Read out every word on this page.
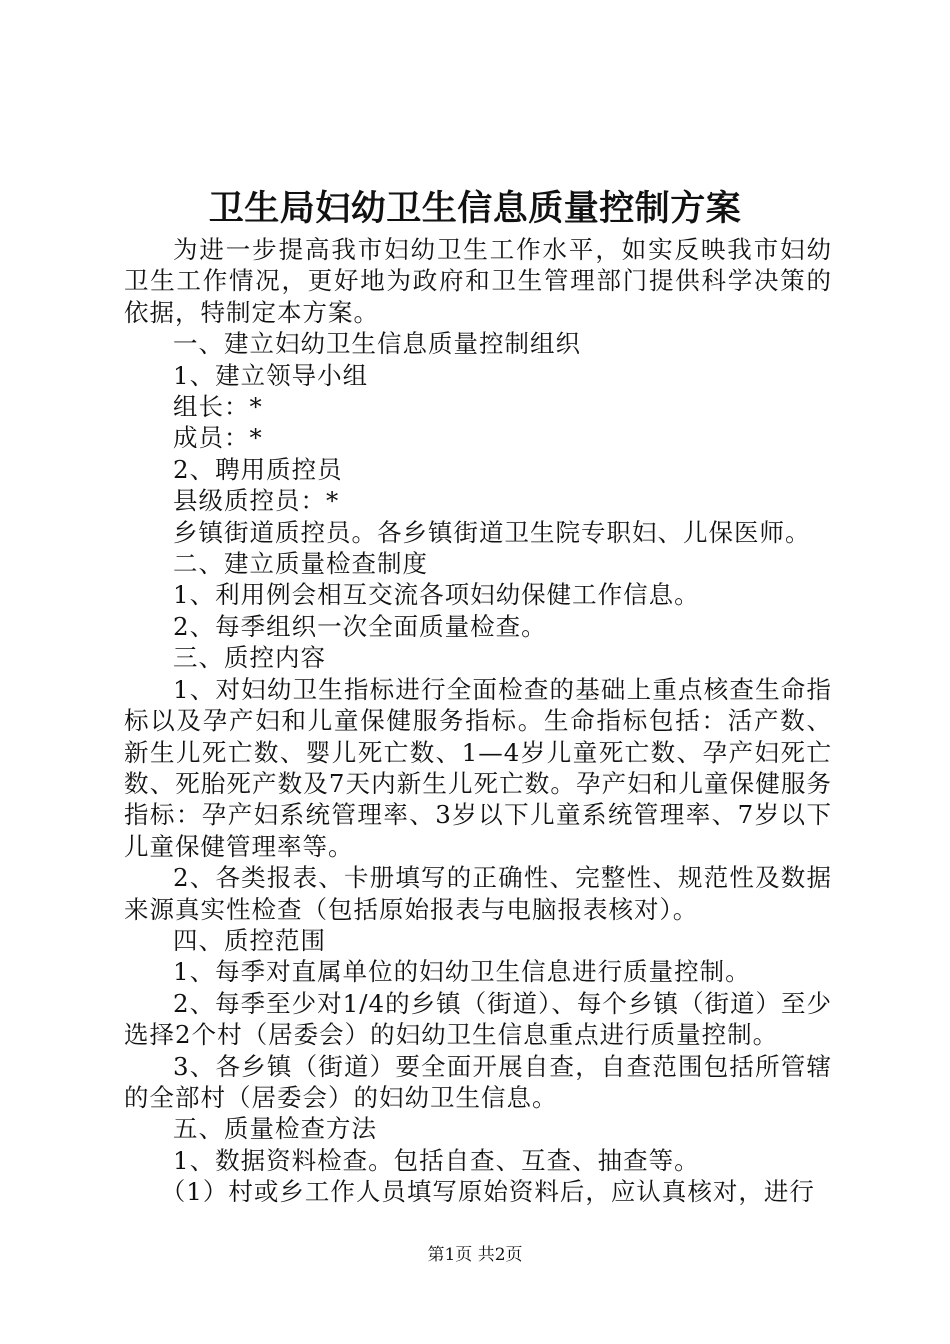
卫生局妇幼卫生信息质量控制方案

为进一步提高我市妇幼卫生工作水平，如实反映我市妇幼卫生工作情况，更好地为政府和卫生管理部门提供科学决策的依据，特制定本方案。

一、建立妇幼卫生信息质量控制组织

1、建立领导小组

组长：*

成员：*

2、聘用质控员

县级质控员：*

乡镇街道质控员。各乡镇街道卫生院专职妇、儿保医师。

二、建立质量检查制度

1、利用例会相互交流各项妇幼保健工作信息。

2、每季组织一次全面质量检查。

三、质控内容

1、对妇幼卫生指标进行全面检查的基础上重点核查生命指标以及孕产妇和儿童保健服务指标。生命指标包括：活产数、新生儿死亡数、婴儿死亡数、1—4岁儿童死亡数、孕产妇死亡数、死胎死产数及7天内新生儿死亡数。孕产妇和儿童保健服务指标：孕产妇系统管理率、3岁以下儿童系统管理率、7岁以下儿童保健管理率等。

2、各类报表、卡册填写的正确性、完整性、规范性及数据来源真实性检查（包括原始报表与电脑报表核对）。

四、质控范围

1、每季对直属单位的妇幼卫生信息进行质量控制。

2、每季至少对1/4的乡镇（街道）、每个乡镇（街道）至少选择2个村（居委会）的妇幼卫生信息重点进行质量控制。

3、各乡镇（街道）要全面开展自查，自查范围包括所管辖的全部村（居委会）的妇幼卫生信息。

五、质量检查方法

1、数据资料检查。包括自查、互查、抽查等。

（1）村或乡工作人员填写原始资料后，应认真核对，进行

第1页 共2页
